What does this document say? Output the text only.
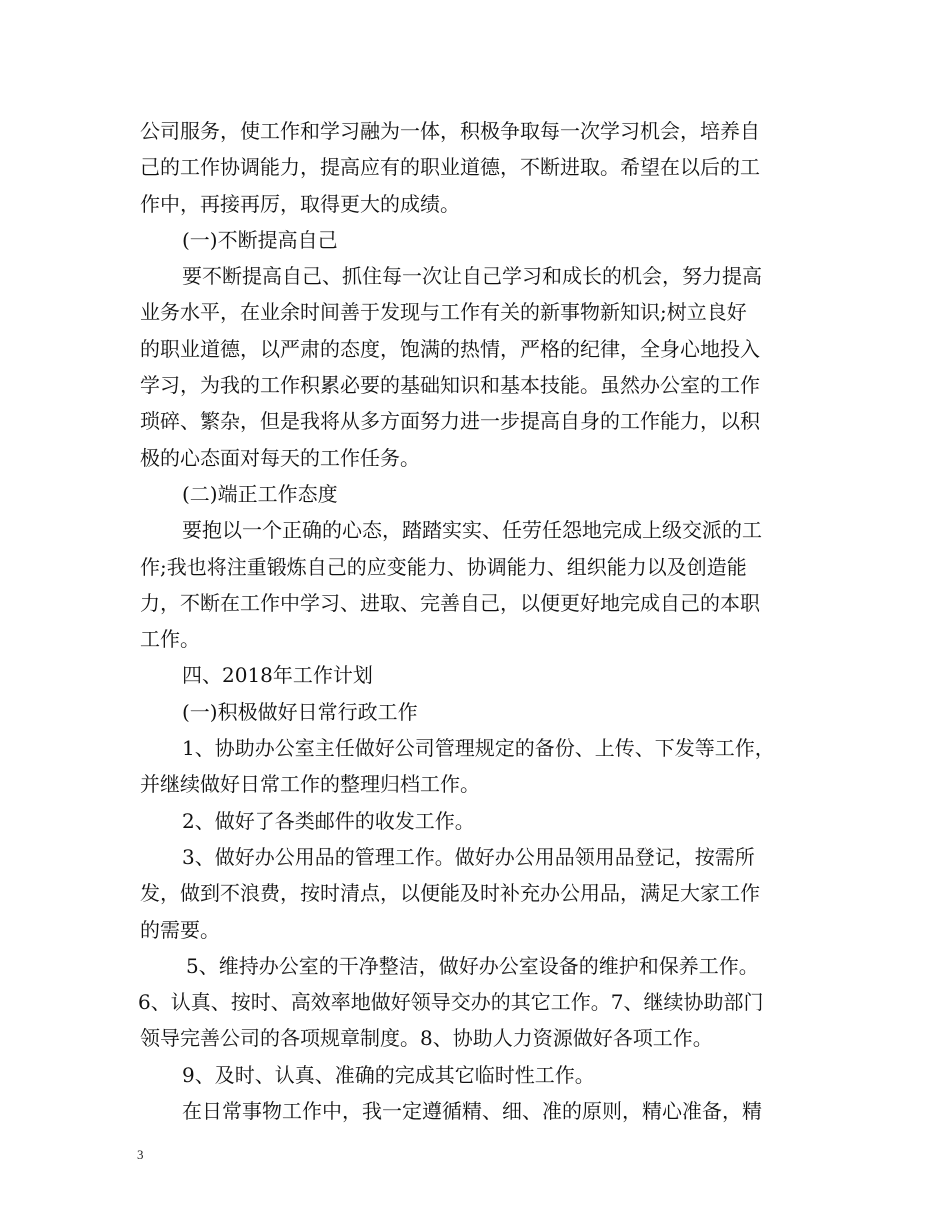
公司服务，使工作和学习融为一体，积极争取每一次学习机会，培养自
己的工作协调能力，提高应有的职业道德，不断进取。希望在以后的工
作中，再接再厉，取得更大的成绩。
(一)不断提高自己
要不断提高自己、抓住每一次让自己学习和成长的机会，努力提高
业务水平，在业余时间善于发现与工作有关的新事物新知识;树立良好
的职业道德，以严肃的态度，饱满的热情，严格的纪律，全身心地投入
学习，为我的工作积累必要的基础知识和基本技能。虽然办公室的工作
琐碎、繁杂，但是我将从多方面努力进一步提高自身的工作能力，以积
极的心态面对每天的工作任务。
(二)端正工作态度
要抱以一个正确的心态，踏踏实实、任劳任怨地完成上级交派的工
作;我也将注重锻炼自己的应变能力、协调能力、组织能力以及创造能
力，不断在工作中学习、进取、完善自己，以便更好地完成自己的本职
工作。
四、2018年工作计划
(一)积极做好日常行政工作
1、协助办公室主任做好公司管理规定的备份、上传、下发等工作，
并继续做好日常工作的整理归档工作。
2、做好了各类邮件的收发工作。
3、做好办公用品的管理工作。做好办公用品领用品登记，按需所
发，做到不浪费，按时清点，以便能及时补充办公用品，满足大家工作
的需要。
5、维持办公室的干净整洁，做好办公室设备的维护和保养工作。
6、认真、按时、高效率地做好领导交办的其它工作。7、继续协助部门
领导完善公司的各项规章制度。8、协助人力资源做好各项工作。
9、及时、认真、准确的完成其它临时性工作。
在日常事物工作中，我一定遵循精、细、准的原则，精心准备，精
3
